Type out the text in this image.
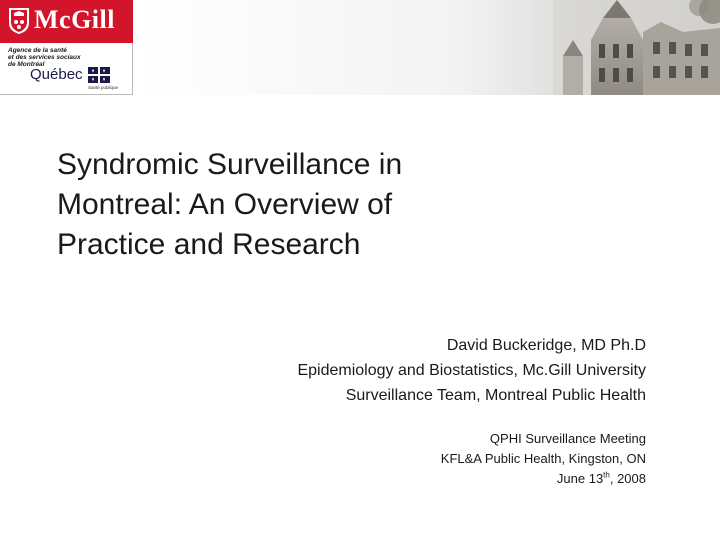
McGill
Agence de la santé
et des services sociaux
de Montréal
Québec
Santé publique
Syndromic Surveillance in
Montreal: An Overview of
Practice and Research
David Buckeridge, MD Ph.D
Epidemiology and Biostatistics, Mc.Gill University
Surveillance Team, Montreal Public Health
QPHI Surveillance Meeting
KFL&A Public Health, Kingston, ON
June 13th, 2008
